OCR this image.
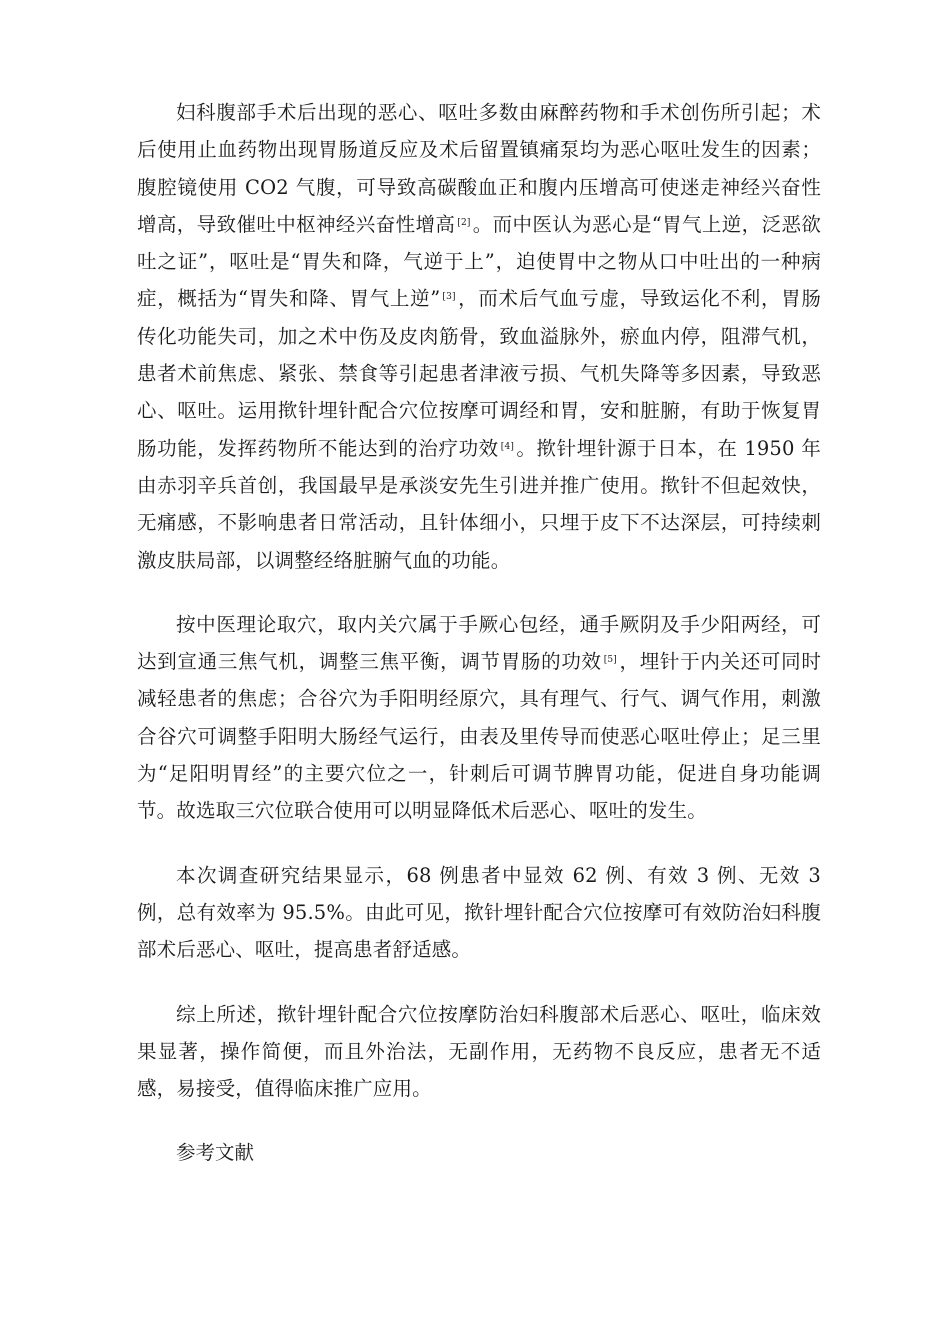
妇科腹部手术后出现的恶心、呕吐多数由麻醉药物和手术创伤所引起；术后使用止血药物出现胃肠道反应及术后留置镇痛泵均为恶心呕吐发生的因素；腹腔镜使用 CO2 气腹，可导致高碳酸血正和腹内压增高可使迷走神经兴奋性增高，导致催吐中枢神经兴奋性增高 [2] 。而中医认为恶心是“胃气上逆，泛恶欲吐之证”，呕吐是“胃失和降，气逆于上”，迫使胃中之物从口中吐出的一种病症，概括为“胃失和降、胃气上逆” [3] ，而术后气血亏虚，导致运化不利，胃肠传化功能失司，加之术中伤及皮肉筋骨，致血溢脉外，瘀血内停，阻滞气机，患者术前焦虑、紧张、禁食等引起患者津液亏损、气机失降等多因素，导致恶心、呕吐。运用揿针埋针配合穴位按摩可调经和胃，安和脏腑，有助于恢复胃肠功能，发挥药物所不能达到的治疗功效 [4] 。揿针埋针源于日本，在 1950 年由赤羽辛兵首创，我国最早是承淡安先生引进并推广使用。揿针不但起效快，无痛感，不影响患者日常活动，且针体细小，只埋于皮下不达深层，可持续刺激皮肤局部，以调整经络脏腑气血的功能。

按中医理论取穴，取内关穴属于手厥心包经，通手厥阴及手少阳两经，可达到宣通三焦气机，调整三焦平衡，调节胃肠的功效 [5] ，埋针于内关还可同时减轻患者的焦虑；合谷穴为手阳明经原穴，具有理气、行气、调气作用，刺激合谷穴可调整手阳明大肠经气运行，由表及里传导而使恶心呕吐停止；足三里为“足阳明胃经”的主要穴位之一，针刺后可调节脾胃功能，促进自身功能调节。故选取三穴位联合使用可以明显降低术后恶心、呕吐的发生。

本次调查研究结果显示，68 例患者中显效 62 例、有效 3 例、无效 3 例，总有效率为 95.5%。由此可见，揿针埋针配合穴位按摩可有效防治妇科腹部术后恶心、呕吐，提高患者舒适感。

综上所述，揿针埋针配合穴位按摩防治妇科腹部术后恶心、呕吐，临床效果显著，操作简便，而且外治法，无副作用，无药物不良反应，患者无不适感，易接受，值得临床推广应用。

参考文献
